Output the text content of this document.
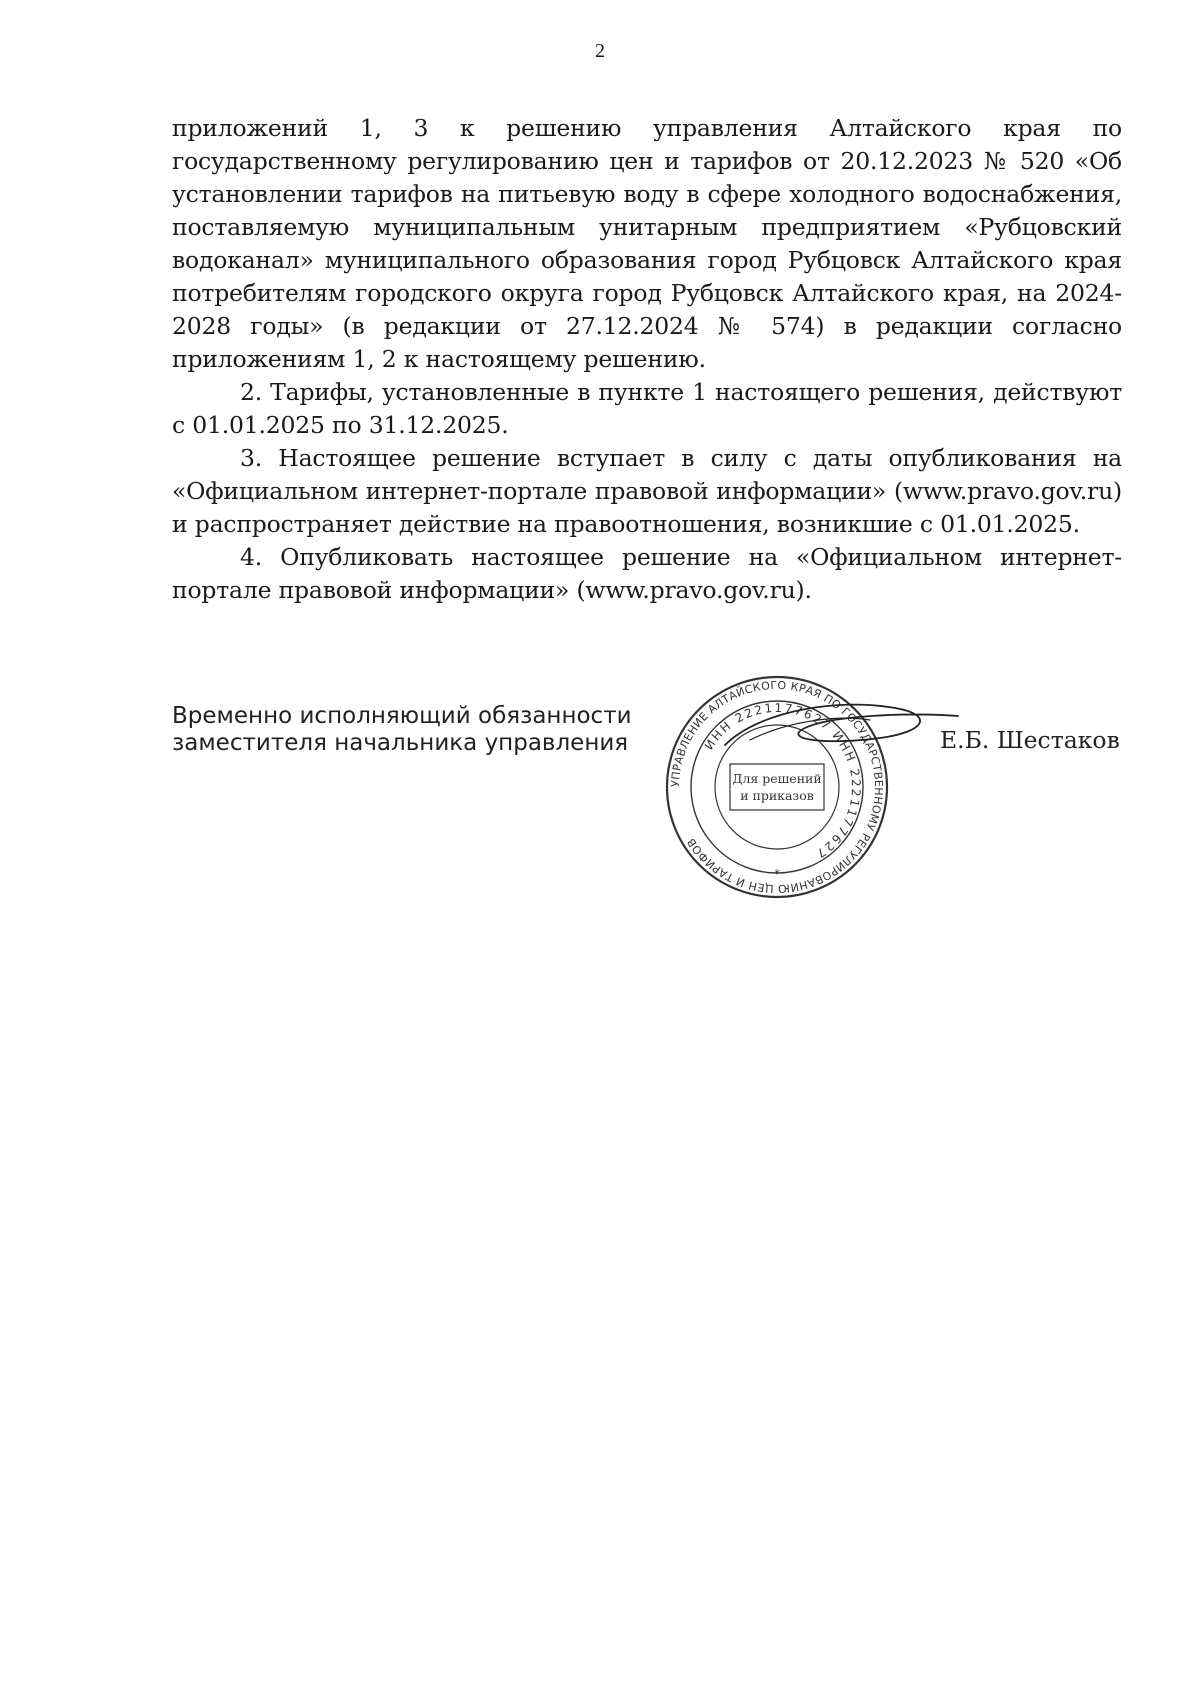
2

приложений 1, 3 к решению управления Алтайского края по государственному регулированию цен и тарифов от 20.12.2023 № 520 «Об установлении тарифов на питьевую воду в сфере холодного водоснабжения, поставляемую муниципальным унитарным предприятием «Рубцовский водоканал» муниципального образования город Рубцовск Алтайского края потребителям городского округа город Рубцовск Алтайского края, на 2024-2028 годы» (в редакции от 27.12.2024 № 574) в редакции согласно приложениям 1, 2 к настоящему решению.

2. Тарифы, установленные в пункте 1 настоящего решения, действуют с 01.01.2025 по 31.12.2025.

3. Настоящее решение вступает в силу с даты опубликования на «Официальном интернет-портале правовой информации» (www.pravo.gov.ru) и распространяет действие на правоотношения, возникшие с 01.01.2025.

4. Опубликовать настоящее решение на «Официальном интернет-портале правовой информации» (www.pravo.gov.ru).

Временно исполняющий обязанности
заместителя начальника управления	Е.Б. Шестаков
УПРАВЛЕНИЕ АЛТАЙСКОГО КРАЯ ПО ГОСУДАРСТВЕННОМУ РЕГУЛИРОВАНИЮ ЦЕН И ТАРИФОВ
ИНН 2221177627 ИНН 2221177627
Для решений
и приказов
*
